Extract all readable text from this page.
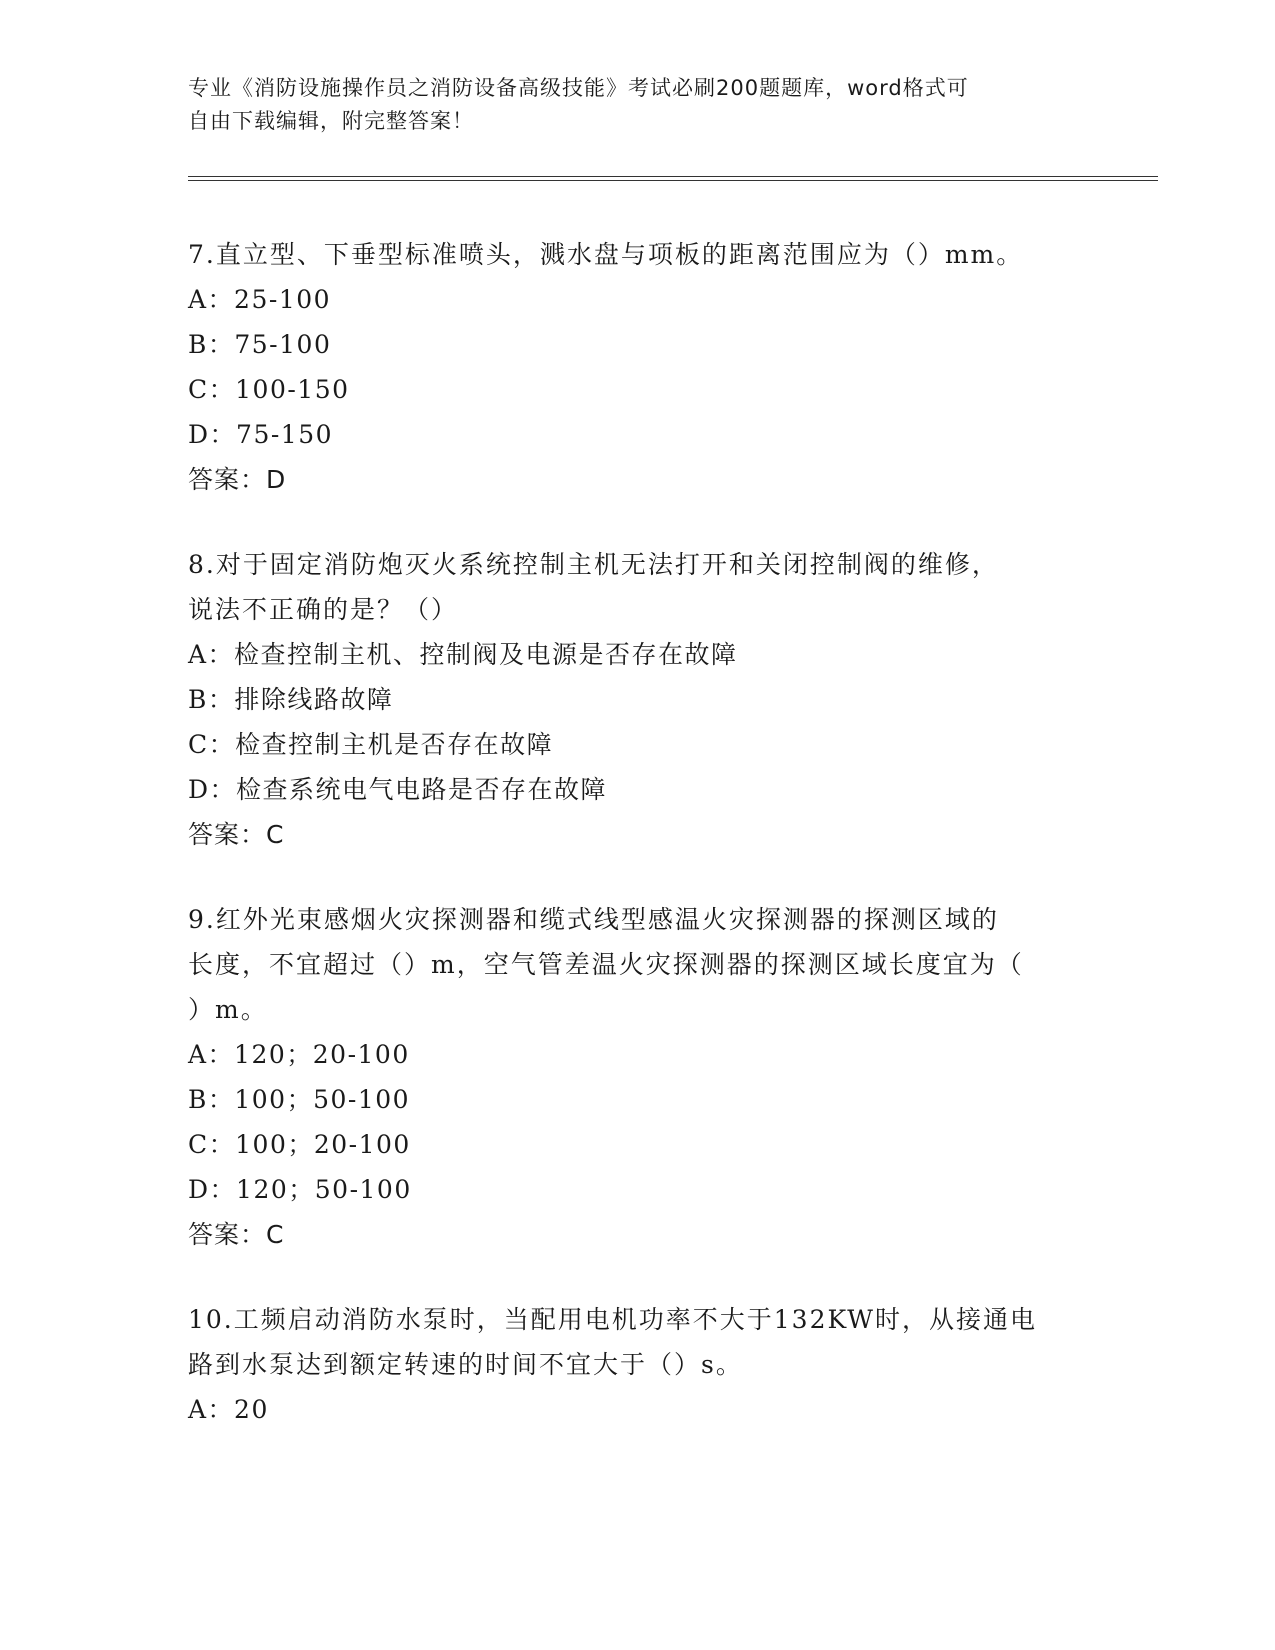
专业《消防设施操作员之消防设备高级技能》考试必刷200题题库，word格式可
自由下载编辑，附完整答案！

7.直立型、下垂型标准喷头，溅水盘与项板的距离范围应为（）mm。

A：25-100

B：75-100

C：100-150

D：75-150

答案：D

8.对于固定消防炮灭火系统控制主机无法打开和关闭控制阀的维修，

说法不正确的是？（）

A：检查控制主机、控制阀及电源是否存在故障

B：排除线路故障

C：检查控制主机是否存在故障

D：检查系统电气电路是否存在故障

答案：C

9.红外光束感烟火灾探测器和缆式线型感温火灾探测器的探测区域的

长度，不宜超过（）m，空气管差温火灾探测器的探测区域长度宜为（

）m。

A：120；20-100

B：100；50-100

C：100；20-100

D：120；50-100

答案：C

10.工频启动消防水泵时，当配用电机功率不大于132KW时，从接通电

路到水泵达到额定转速的时间不宜大于（）s。

A：20
